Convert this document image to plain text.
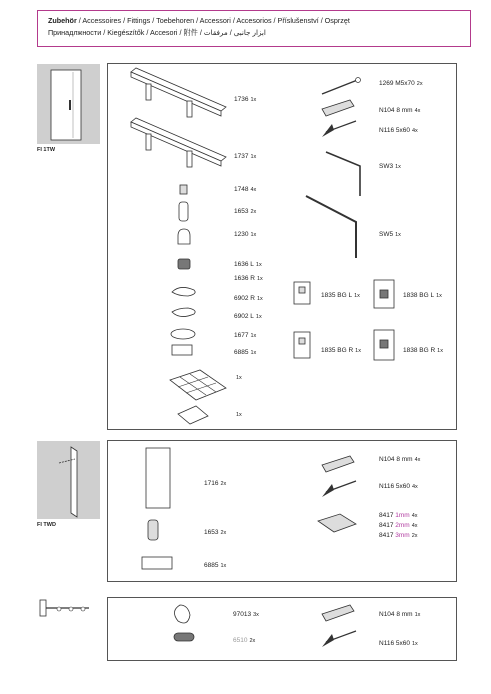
Zubehör / Accessoires / Fittings / Toebehoren / Accessori / Accesorios / Příslušenství / Osprzęt
Принадлжности / Kiegészítők / Accesori / 附件 / ابزار جانبی / مرفقات
FI 1TW
FI TWD
1736 1x
1737 1x
1748 4x
1653 2x
1230 1x
1636 L 1x
1636 R 1x
6902 R 1x
6902 L 1x
1677 1x
6885 1x
1x
1x
1269 M5x70 2x
N104 8 mm 4x
N116 5x60 4x
SW3 1x
SW5 1x
1835 BG L 1x	1838 BG L 1x
1835 BG R 1x	1838 BG R 1x
1716 2x
1653 2x
6885 1x
N104 8 mm 4x
N116 5x60 4x
8417 1mm 4x
8417 2mm 4x
8417 3mm 2x
97013 3x
6510 2x
N104 8 mm 1x
N116 5x60 1x
